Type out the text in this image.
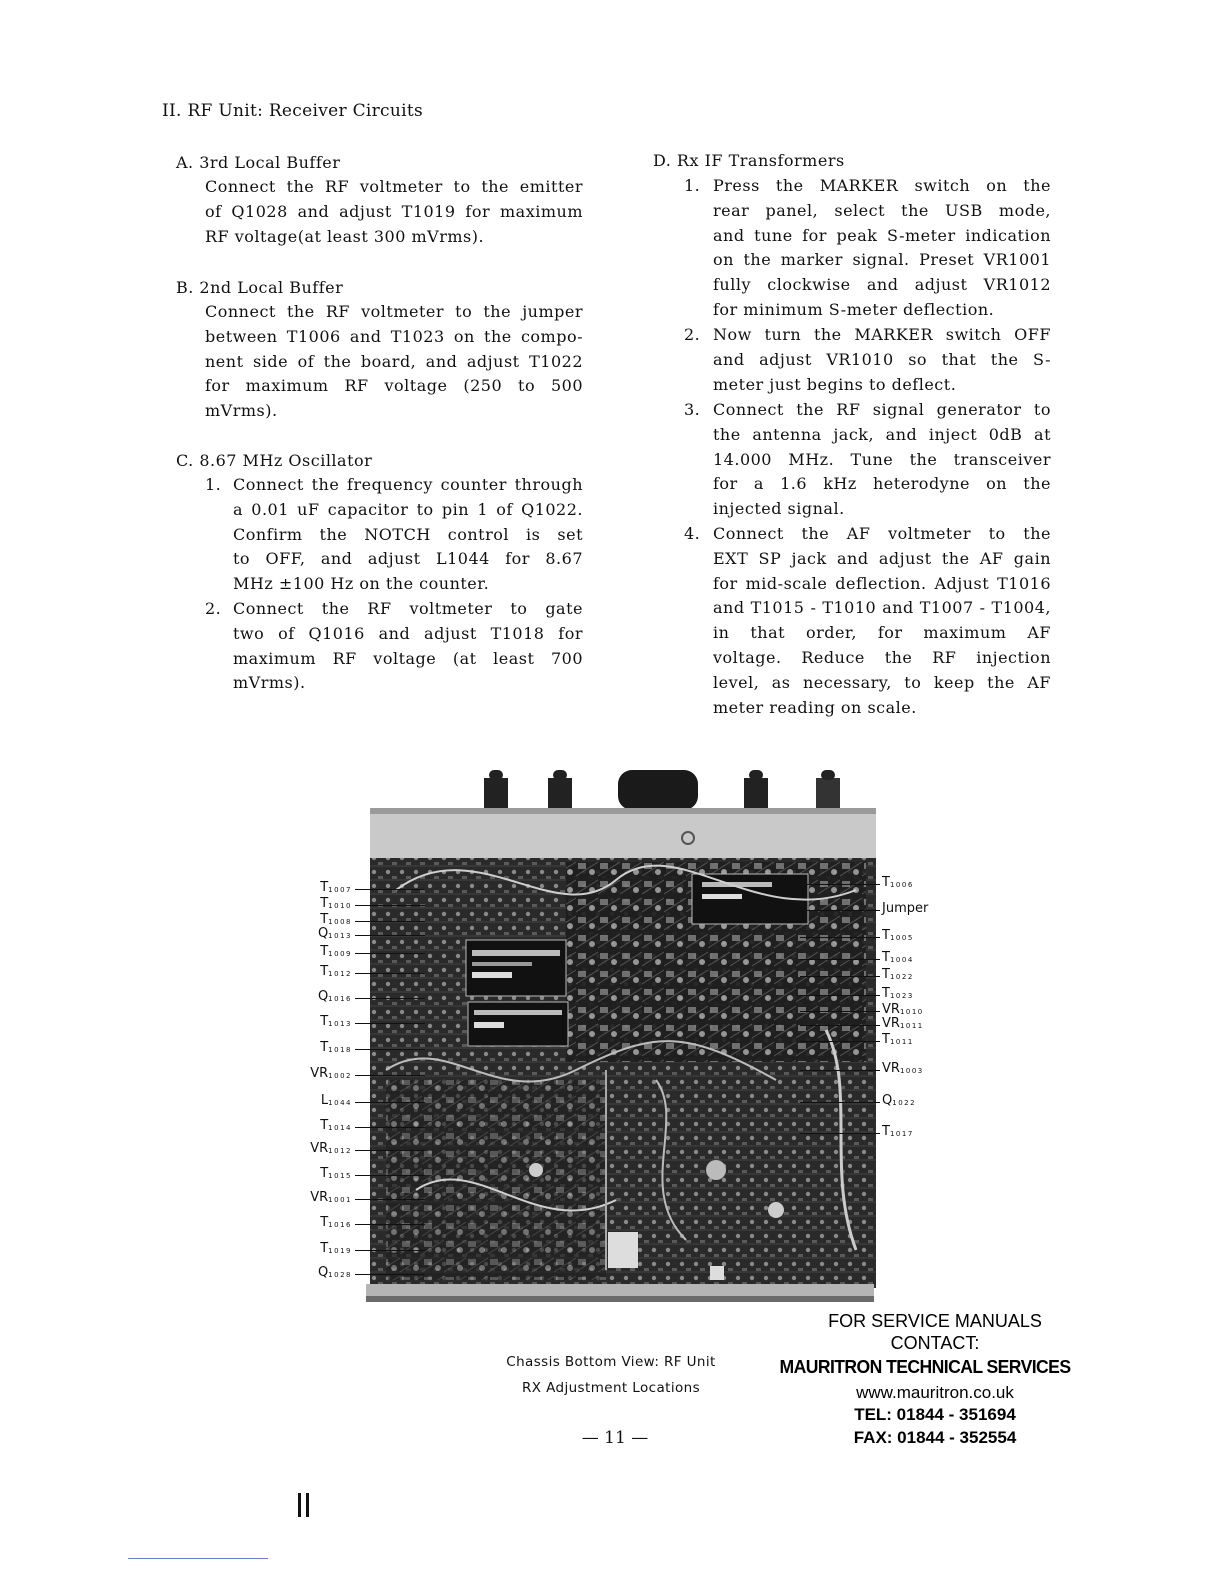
II. RF Unit: Receiver Circuits
A. 3rd Local Buffer
Connect the RF voltmeter to the emitter
of Q1028 and adjust T1019 for maximum
RF voltage(at least 300 mVrms).
B. 2nd Local Buffer
Connect the RF voltmeter to the jumper
between T1006 and T1023 on the compo-
nent side of the board, and adjust T1022
for maximum RF voltage (250 to 500
mVrms).
C. 8.67 MHz Oscillator
1. Connect the frequency counter through
a 0.01 uF capacitor to pin 1 of Q1022.
Confirm the NOTCH control is set
to OFF, and adjust L1044 for 8.67
MHz ±100 Hz on the counter.
2. Connect the RF voltmeter to gate
two of Q1016 and adjust T1018 for
maximum RF voltage (at least 700
mVrms).
D. Rx IF Transformers
1. Press the MARKER switch on the
rear panel, select the USB mode,
and tune for peak S-meter indication
on the marker signal. Preset VR1001
fully clockwise and adjust VR1012
for minimum S-meter deflection.
2. Now turn the MARKER switch OFF
and adjust VR1010 so that the S-
meter just begins to deflect.
3. Connect the RF signal generator to
the antenna jack, and inject 0dB at
14.000 MHz. Tune the transceiver
for a 1.6 kHz heterodyne on the
injected signal.
4. Connect the AF voltmeter to the
EXT SP jack and adjust the AF gain
for mid-scale deflection. Adjust T1016
and T1015 - T1010 and T1007 - T1004,
in that order, for maximum AF
voltage. Reduce the RF injection
level, as necessary, to keep the AF
meter reading on scale.
$T_{1007}$
$T_{1010}$
$T_{1008}$
$Q_{1013}$
$T_{1009}$
$T_{1012}$
$Q_{1016}$
$T_{1013}$
$T_{1018}$
$VR_{1002}$
$L_{1044}$
$T_{1014}$
$VR_{1012}$
$T_{1015}$
$VR_{1001}$
$T_{1016}$
$T_{1019}$
$Q_{1028}$
$T_{1006}$
Jumper
$T_{1005}$
$T_{1004}$
$T_{1022}$
$T_{1023}$
$VR_{1010}$
$VR_{1011}$
$T_{1011}$
$VR_{1003}$
$Q_{1022}$
$T_{1017}$
Chassis Bottom View: RF Unit
RX Adjustment Locations
— 11 —
FOR SERVICE MANUALS
CONTACT:
MAURITRON TECHNICAL SERVICES
www.mauritron.co.uk
TEL: 01844 - 351694
FAX: 01844 - 352554
